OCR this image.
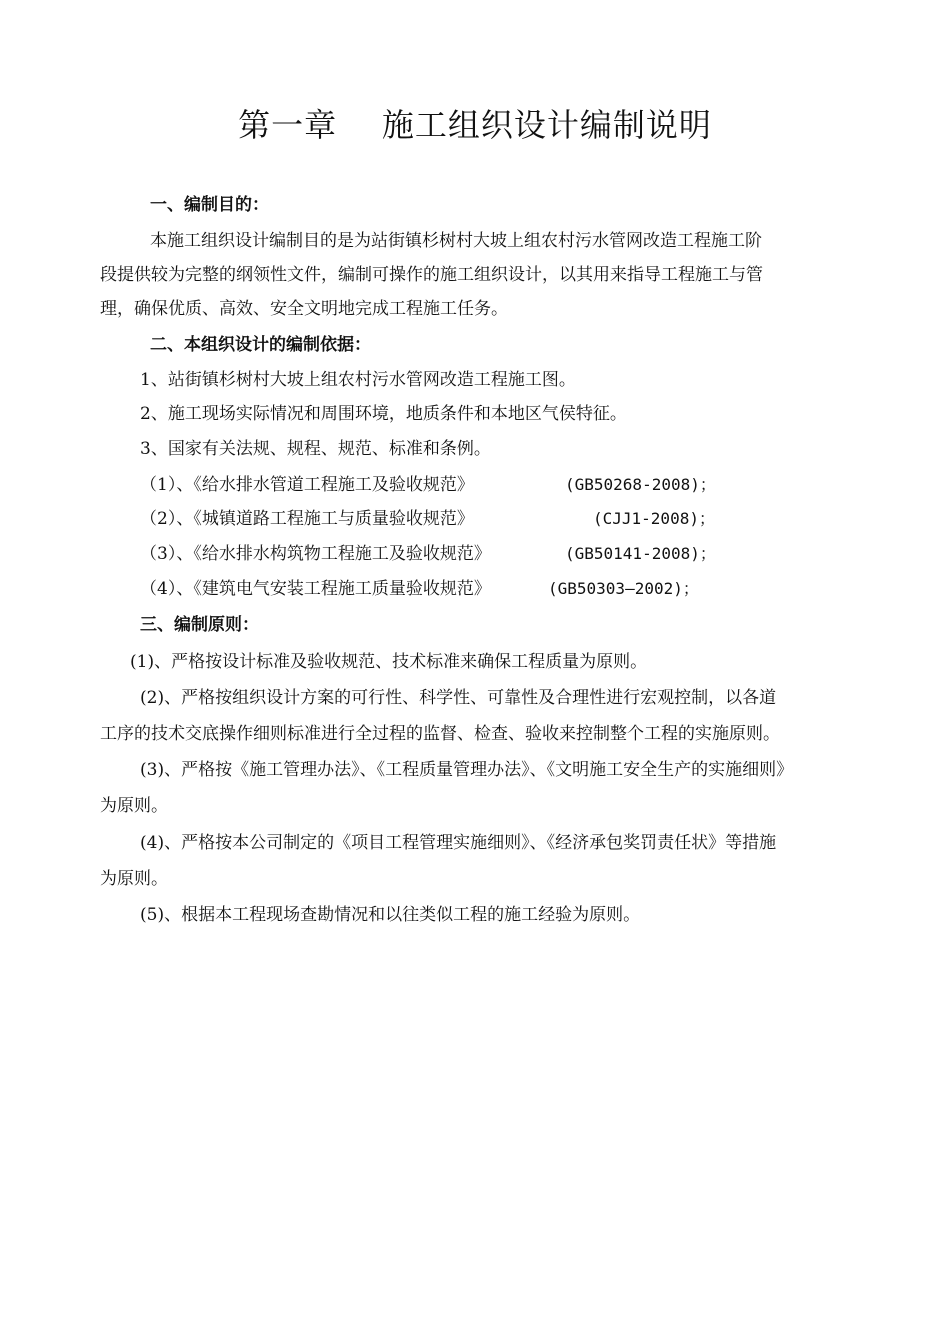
第一章    施工组织设计编制说明
一、编制目的：
本施工组织设计编制目的是为站街镇杉树村大坡上组农村污水管网改造工程施工阶
段提供较为完整的纲领性文件，编制可操作的施工组织设计，以其用来指导工程施工与管
理，确保优质、高效、安全文明地完成工程施工任务。
二、本组织设计的编制依据：
1、站街镇杉树村大坡上组农村污水管网改造工程施工图。
2、施工现场实际情况和周围环境，地质条件和本地区气侯特征。
3、国家有关法规、规程、规范、标准和条例。
（1）、《给水排水管道工程施工及验收规范》	(GB50268-2008)；
（2）、《城镇道路工程施工与质量验收规范》	(CJJ1-2008)；
（3）、《给水排水构筑物工程施工及验收规范》	(GB50141-2008)；
（4）、《建筑电气安装工程施工质量验收规范》	(GB50303—2002)；
三、编制原则：
(1)、严格按设计标准及验收规范、技术标准来确保工程质量为原则。
(2)、严格按组织设计方案的可行性、科学性、可靠性及合理性进行宏观控制，以各道
工序的技术交底操作细则标准进行全过程的监督、检查、验收来控制整个工程的实施原则。
(3)、严格按《施工管理办法》、《工程质量管理办法》、《文明施工安全生产的实施细则》
为原则。
(4)、严格按本公司制定的《项目工程管理实施细则》、《经济承包奖罚责任状》等措施
为原则。
(5)、根据本工程现场查勘情况和以往类似工程的施工经验为原则。
